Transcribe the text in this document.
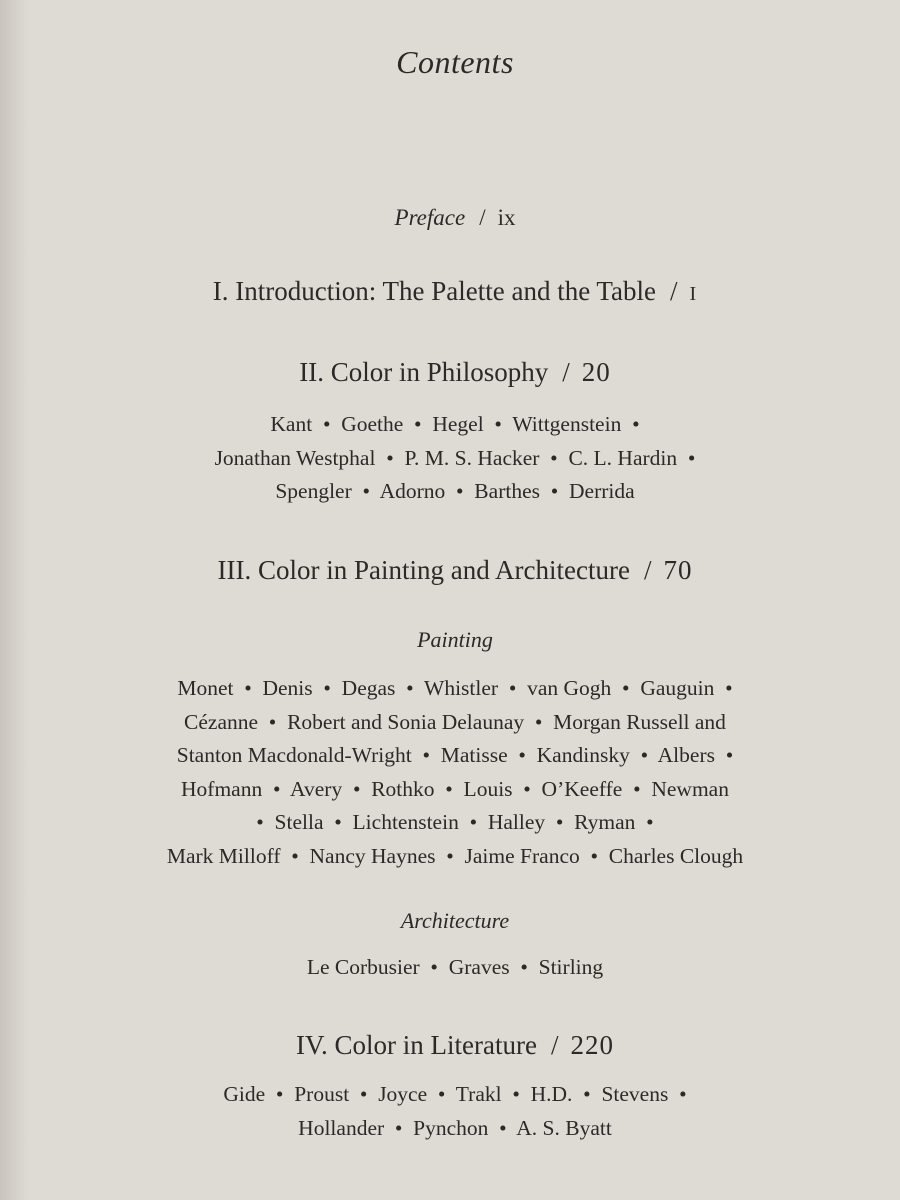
Contents
Preface / ix
I. Introduction: The Palette and the Table / I
II. Color in Philosophy / 20
Kant  •  Goethe  •  Hegel  •  Wittgenstein  •
Jonathan Westphal  •  P. M. S. Hacker  •  C. L. Hardin  •
Spengler  •  Adorno  •  Barthes  •  Derrida
III. Color in Painting and Architecture / 70
Painting
Monet  •  Denis  •  Degas  •  Whistler  •  van Gogh  •  Gauguin  •
Cézanne  •  Robert and Sonia Delaunay  •  Morgan Russell and
Stanton Macdonald-Wright  •  Matisse  •  Kandinsky  •  Albers  •
Hofmann  •  Avery  •  Rothko  •  Louis  •  O’Keeffe  •  Newman
•  Stella  •  Lichtenstein  •  Halley  •  Ryman  •
Mark Milloff  •  Nancy Haynes  •  Jaime Franco  •  Charles Clough
Architecture
Le Corbusier  •  Graves  •  Stirling
IV. Color in Literature / 220
Gide  •  Proust  •  Joyce  •  Trakl  •  H.D.  •  Stevens  •
Hollander  •  Pynchon  •  A. S. Byatt
